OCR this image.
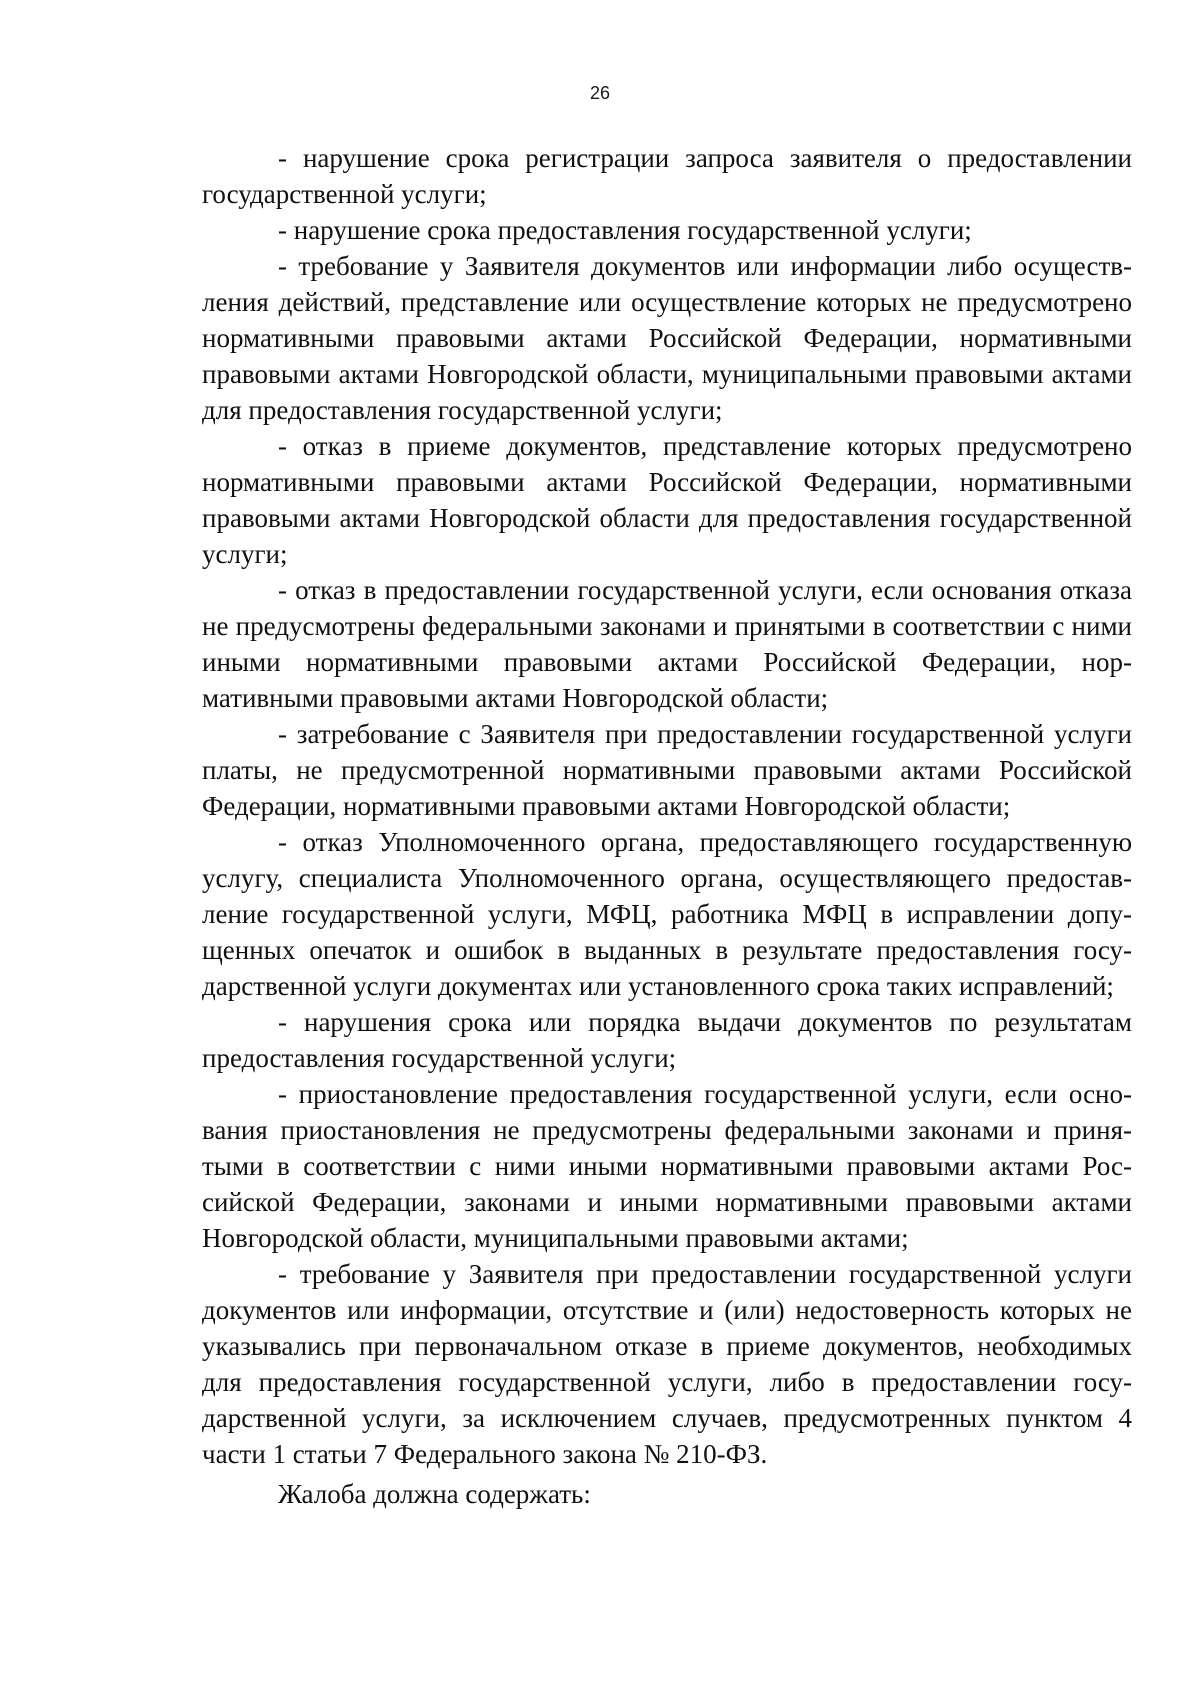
26

- нарушение срока регистрации запроса заявителя о предоставлении государственной услуги;

- нарушение срока предоставления государственной услуги;

- требование у Заявителя документов или информации либо осуществления действий, представление или осуществление которых не предусмотрено нормативными правовыми актами Российской Федерации, нормативными правовыми актами Новгородской области, муниципальными правовыми актами для предоставления государственной услуги;

- отказ в приеме документов, представление которых предусмотрено нормативными правовыми актами Российской Федерации, нормативными правовыми актами Новгородской области для предоставления государственной услуги;

- отказ в предоставлении государственной услуги, если основания отказа не предусмотрены федеральными законами и принятыми в соответствии с ними иными нормативными правовыми актами Российской Федерации, нормативными правовыми актами Новгородской области;

- затребование с Заявителя при предоставлении государственной услуги платы, не предусмотренной нормативными правовыми актами Российской Федерации, нормативными правовыми актами Новгородской области;

- отказ Уполномоченного органа, предоставляющего государственную услугу, специалиста Уполномоченного органа, осуществляющего предоставление государственной услуги, МФЦ, работника МФЦ в исправлении допущенных опечаток и ошибок в выданных в результате предоставления государственной услуги документах или установленного срока таких исправлений;

- нарушения срока или порядка выдачи документов по результатам предоставления государственной услуги;

- приостановление предоставления государственной услуги, если основания приостановления не предусмотрены федеральными законами и принятыми в соответствии с ними иными нормативными правовыми актами Российской Федерации, законами и иными нормативными правовыми актами Новгородской области, муниципальными правовыми актами;

- требование у Заявителя при предоставлении государственной услуги документов или информации, отсутствие и (или) недостоверность которых не указывались при первоначальном отказе в приеме документов, необходимых для предоставления государственной услуги, либо в предоставлении государственной услуги, за исключением случаев, предусмотренных пунктом 4 части 1 статьи 7 Федерального закона № 210-ФЗ.

Жалоба должна содержать:
